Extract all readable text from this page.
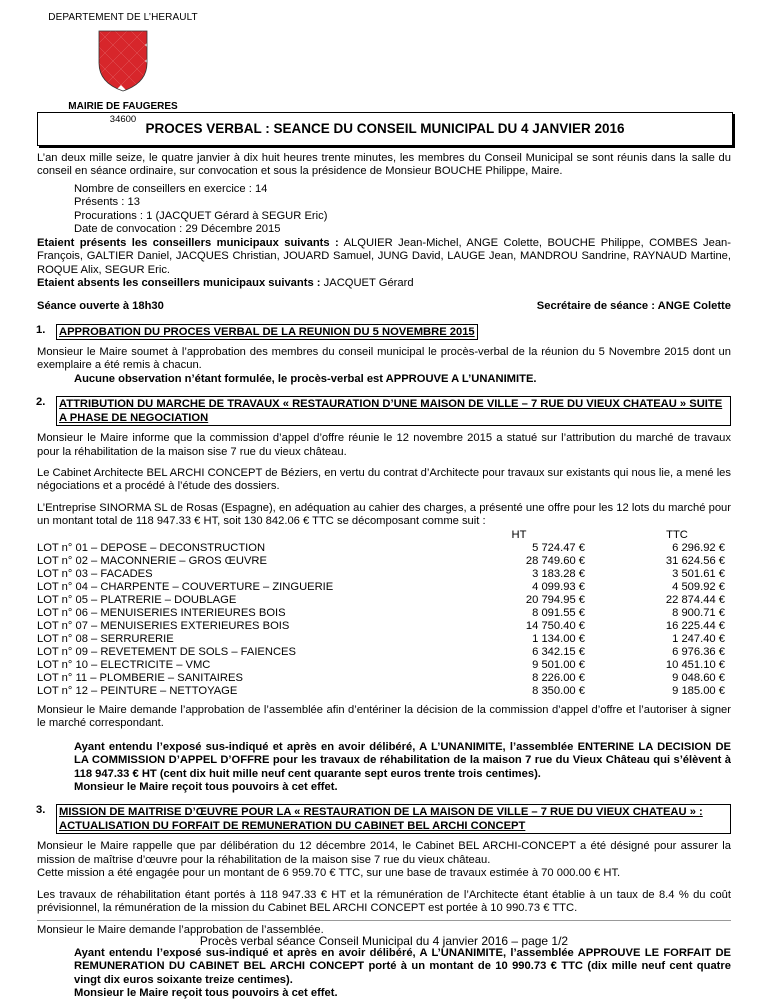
DEPARTEMENT DE L’HERAULT
MAIRIE DE FAUGERES
34600
PROCES VERBAL : SEANCE DU CONSEIL MUNICIPAL DU 4 JANVIER 2016

L’an deux mille seize, le quatre janvier à dix huit heures trente minutes, les membres du Conseil Municipal se sont réunis dans la salle du conseil en séance ordinaire, sur convocation et sous la présidence de Monsieur BOUCHE Philippe, Maire.

Nombre de conseillers en exercice : 14
Présents : 13
Procurations : 1 (JACQUET Gérard à SEGUR Eric)
Date de convocation : 29 Décembre 2015

Etaient présents les conseillers municipaux suivants : ALQUIER Jean-Michel, ANGE Colette, BOUCHE Philippe, COMBES Jean-François, GALTIER Daniel, JACQUES Christian, JOUARD Samuel, JUNG David, LAUGE Jean, MANDROU Sandrine, RAYNAUD Martine, ROQUE Alix, SEGUR Eric.

Etaient absents les conseillers municipaux suivants : JACQUET Gérard

Séance ouverte à 18h30	Secrétaire de séance : ANGE Colette
1.	APPROBATION DU PROCES VERBAL DE LA REUNION DU 5 NOVEMBRE 2015

Monsieur le Maire soumet à l’approbation des membres du conseil municipal le procès-verbal de la réunion du 5 Novembre 2015 dont un exemplaire a été remis à chacun.

Aucune observation n’étant formulée, le procès-verbal est APPROUVE A L’UNANIMITE.

2.	ATTRIBUTION DU MARCHE DE TRAVAUX « RESTAURATION D’UNE MAISON DE VILLE – 7 RUE DU VIEUX CHATEAU » SUITE A PHASE DE NEGOCIATION

Monsieur le Maire informe que la commission d’appel d’offre réunie le 12 novembre 2015 a statué sur l’attribution du marché de travaux pour la réhabilitation de la maison sise 7 rue du vieux château.

Le Cabinet Architecte BEL ARCHI CONCEPT de Béziers, en vertu du contrat d’Architecte pour travaux sur existants qui nous lie, a mené les négociations et a procédé à l’étude des dossiers.

L’Entreprise SINORMA SL de Rosas (Espagne), en adéquation au cahier des charges, a présenté une offre pour les 12 lots du marché pour un montant total de 118 947.33 € HT, soit 130 842.06 € TTC se décomposant comme suit :

HT	TTC
LOT n° 01 – DEPOSE – DECONSTRUCTION	5 724.47 €	6 296.92 €
LOT n° 02 – MACONNERIE – GROS ŒUVRE	28 749.60 €	31 624.56 €
LOT n° 03 – FACADES	3 183.28 €	3 501.61 €
LOT n° 04 – CHARPENTE – COUVERTURE – ZINGUERIE	4 099.93 €	4 509.92 €
LOT n° 05 – PLATRERIE – DOUBLAGE	20 794.95 €	22 874.44 €
LOT n° 06 – MENUISERIES INTERIEURES BOIS	8 091.55 €	8 900.71 €
LOT n° 07 – MENUISERIES EXTERIEURES BOIS	14 750.40 €	16 225.44 €
LOT n° 08 – SERRURERIE	1 134.00 €	1 247.40 €
LOT n° 09 – REVETEMENT DE SOLS – FAIENCES	6 342.15 €	6 976.36 €
LOT n° 10 – ELECTRICITE – VMC	9 501.00 €	10 451.10 €
LOT n° 11 – PLOMBERIE – SANITAIRES	8 226.00 €	9 048.60 €
LOT n° 12 – PEINTURE – NETTOYAGE	8 350.00 €	9 185.00 €

Monsieur le Maire demande l’approbation de l’assemblée afin d’entériner la décision de la commission d’appel d’offre et l’autoriser à signer le marché correspondant.

Ayant entendu l’exposé sus-indiqué et après en avoir délibéré, A L’UNANIMITE, l’assemblée ENTERINE LA DECISION DE LA COMMISSION D’APPEL D’OFFRE pour les travaux de réhabilitation de la maison 7 rue du Vieux Château qui s’élèvent à 118 947.33 € HT (cent dix huit mille neuf cent quarante sept euros trente trois centimes).

Monsieur le Maire reçoit tous pouvoirs à cet effet.

3.	MISSION DE MAITRISE D’ŒUVRE POUR LA « RESTAURATION DE LA MAISON DE VILLE – 7 RUE DU VIEUX CHATEAU » : ACTUALISATION DU FORFAIT DE REMUNERATION DU CABINET BEL ARCHI CONCEPT

Monsieur le Maire rappelle que par délibération du 12 décembre 2014, le Cabinet BEL ARCHI-CONCEPT a été désigné pour assurer la mission de maîtrise d’œuvre pour la réhabilitation de la maison sise 7 rue du vieux château.

Cette mission a été engagée pour un montant de 6 959.70 € TTC, sur une base de travaux estimée à 70 000.00 € HT.

Les travaux de réhabilitation étant portés à 118 947.33 € HT et la rémunération de l’Architecte étant établie à un taux de 8.4 % du coût prévisionnel, la rémunération de la mission du Cabinet BEL ARCHI CONCEPT est portée à 10 990.73 € TTC.

Monsieur le Maire demande l’approbation de l’assemblée.

Ayant entendu l’exposé sus-indiqué et après en avoir délibéré, A L’UNANIMITE, l’assemblée APPROUVE LE FORFAIT DE REMUNERATION DU CABINET BEL ARCHI CONCEPT porté à un montant de 10 990.73 € TTC (dix mille neuf cent quatre vingt dix euros soixante treize centimes).

Monsieur le Maire reçoit tous pouvoirs à cet effet.

Procès verbal séance Conseil Municipal du 4 janvier 2016 – page 1/2
